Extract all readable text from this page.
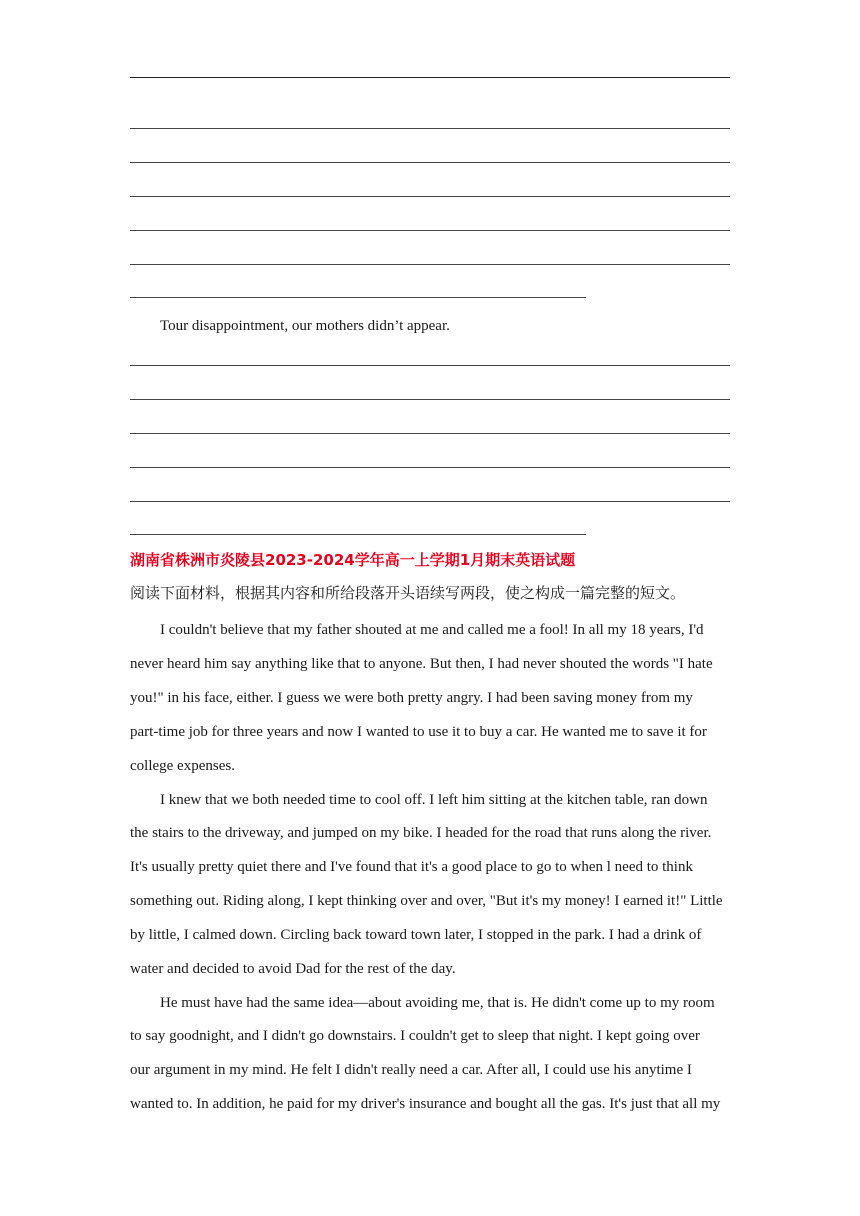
Tour disappointment, our mothers didn’t appear.
湖南省株洲市炎陵县2023-2024学年高一上学期1月期末英语试题
阅读下面材料，根据其内容和所给段落开头语续写两段，使之构成一篇完整的短文。
I couldn't believe that my father shouted at me and called me a fool! In all my 18 years, I'd
never heard him say anything like that to anyone. But then, I had never shouted the words "I hate
you!" in his face, either. I guess we were both pretty angry. I had been saving money from my
part-time job for three years and now I wanted to use it to buy a car. He wanted me to save it for
college expenses.
I knew that we both needed time to cool off. I left him sitting at the kitchen table, ran down
the stairs to the driveway, and jumped on my bike. I headed for the road that runs along the river.
It's usually pretty quiet there and I've found that it's a good place to go to when l need to think
something out. Riding along, I kept thinking over and over, "But it's my money! I earned it!" Little
by little, I calmed down. Circling back toward town later, I stopped in the park. I had a drink of
water and decided to avoid Dad for the rest of the day.
He must have had the same idea—about avoiding me, that is. He didn't come up to my room
to say goodnight, and I didn't go downstairs. I couldn't get to sleep that night. I kept going over
our argument in my mind. He felt I didn't really need a car. After all, I could use his anytime I
wanted to. In addition, he paid for my driver's insurance and bought all the gas. It's just that all my
